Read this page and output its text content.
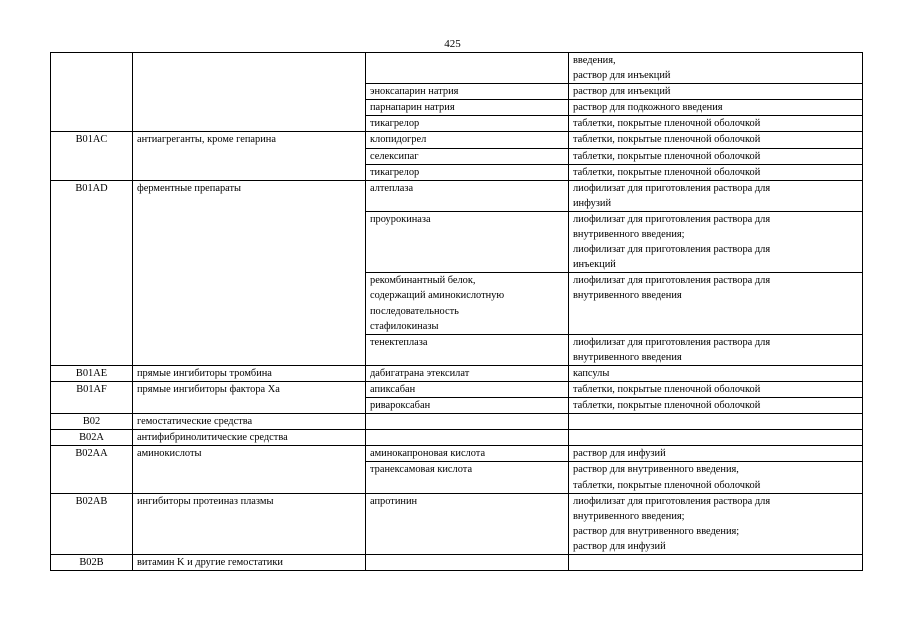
425
			введения,
раствор для инъекций
		эноксапарин натрия	раствор для инъекций
		парнапарин натрия	раствор для подкожного введения
		тикагрелор	таблетки, покрытые пленочной оболочкой
B01AC	антиагреганты, кроме гепарина	клопидогрел	таблетки, покрытые пленочной оболочкой
		селексипаг	таблетки, покрытые пленочной оболочкой
		тикагрелор	таблетки, покрытые пленочной оболочкой
B01AD	ферментные препараты	алтеплаза	лиофилизат для приготовления раствора для
инфузий
		проурокиназа	лиофилизат для приготовления раствора для
внутривенного введения;
лиофилизат для приготовления раствора для
инъекций
		рекомбинантный белок,
содержащий аминокислотную
последовательность
стафилокиназы	лиофилизат для приготовления раствора для
внутривенного введения
		тенектеплаза	лиофилизат для приготовления раствора для
внутривенного введения
B01AE	прямые ингибиторы тромбина	дабигатрана этексилат	капсулы
B01AF	прямые ингибиторы фактора Xa	апиксабан	таблетки, покрытые пленочной оболочкой
		ривароксабан	таблетки, покрытые пленочной оболочкой
B02	гемостатические средства		
B02A	антифибринолитические средства		
B02AA	аминокислоты	аминокапроновая кислота	раствор для инфузий
		транексамовая кислота	раствор для внутривенного введения,
таблетки, покрытые пленочной оболочкой
B02AB	ингибиторы протеиназ плазмы	апротинин	лиофилизат для приготовления раствора для
внутривенного введения;
раствор для внутривенного введения;
раствор для инфузий
B02B	витамин K и другие гемостатики		
